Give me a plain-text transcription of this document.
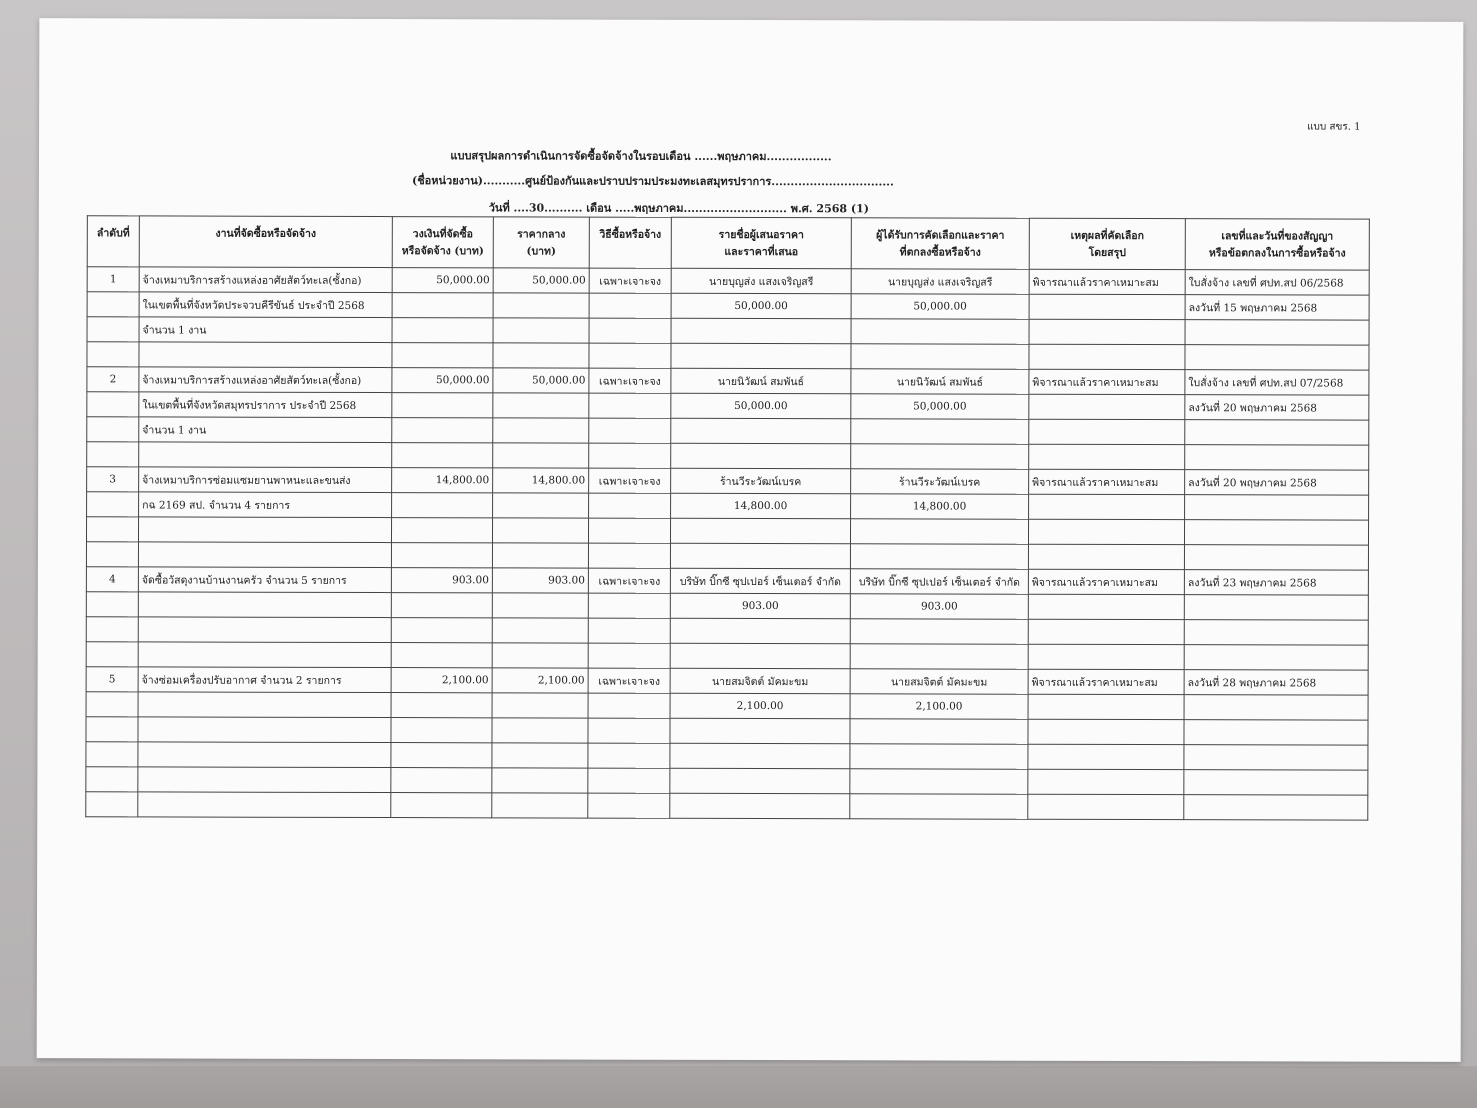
แบบ สขร. 1
แบบสรุปผลการดำเนินการจัดซื้อจัดจ้างในรอบเดือน ......พฤษภาคม.................
(ชื่อหน่วยงาน)...........ศูนย์ป้องกันและปราบปรามประมงทะเลสมุทรปราการ................................
วันที่ ....30.......... เดือน .....พฤษภาคม........................... พ.ศ. 2568 (1)
ลำดับที่	งานที่จัดซื้อหรือจัดจ้าง	วงเงินที่จัดซื้อ	ราคากลาง	วิธีซื้อหรือจ้าง	รายชื่อผู้เสนอราคา	ผู้ได้รับการคัดเลือกและราคา	เหตุผลที่คัดเลือก	เลขที่และวันที่ของสัญญา
		หรือจัดจ้าง (บาท)	(บาท)		และราคาที่เสนอ	ที่ตกลงซื้อหรือจ้าง	โดยสรุป	หรือข้อตกลงในการซื้อหรือจ้าง
1	จ้างเหมาบริการสร้างแหล่งอาศัยสัตว์ทะเล(ซั้งกอ)	50,000.00	50,000.00	เฉพาะเจาะจง	นายบุญส่ง แสงเจริญสรี	นายบุญส่ง แสงเจริญสรี	พิจารณาแล้วราคาเหมาะสม	ใบสั่งจ้าง เลขที่ ศปท.สป 06/2568
	ในเขตพื้นที่จังหวัดประจวบคีรีขันธ์ ประจำปี 2568				50,000.00	50,000.00		ลงวันที่ 15 พฤษภาคม 2568
	จำนวน 1 งาน							

2	จ้างเหมาบริการสร้างแหล่งอาศัยสัตว์ทะเล(ซั้งกอ)	50,000.00	50,000.00	เฉพาะเจาะจง	นายนิวัฒน์ สมพันธ์	นายนิวัฒน์ สมพันธ์	พิจารณาแล้วราคาเหมาะสม	ใบสั่งจ้าง เลขที่ ศปท.สป 07/2568
	ในเขตพื้นที่จังหวัดสมุทรปราการ ประจำปี 2568				50,000.00	50,000.00		ลงวันที่ 20 พฤษภาคม 2568
	จำนวน 1 งาน							

3	จ้างเหมาบริการซ่อมแซมยานพาหนะและขนส่ง	14,800.00	14,800.00	เฉพาะเจาะจง	ร้านวีระวัฒน์เบรค	ร้านวีระวัฒน์เบรค	พิจารณาแล้วราคาเหมาะสม	ลงวันที่ 20 พฤษภาคม 2568
	กฉ 2169 สป. จำนวน 4 รายการ				14,800.00	14,800.00		

4	จัดซื้อวัสดุงานบ้านงานครัว จำนวน 5 รายการ	903.00	903.00	เฉพาะเจาะจง	บริษัท บิ๊กซี ซุปเปอร์ เซ็นเตอร์ จำกัด	บริษัท บิ๊กซี ซุปเปอร์ เซ็นเตอร์ จำกัด	พิจารณาแล้วราคาเหมาะสม	ลงวันที่ 23 พฤษภาคม 2568
					903.00	903.00		

5	จ้างซ่อมเครื่องปรับอากาศ จำนวน 2 รายการ	2,100.00	2,100.00	เฉพาะเจาะจง	นายสมจิตต์ มัคมะขม	นายสมจิตต์ มัคมะขม	พิจารณาแล้วราคาเหมาะสม	ลงวันที่ 28 พฤษภาคม 2568
					2,100.00	2,100.00		
